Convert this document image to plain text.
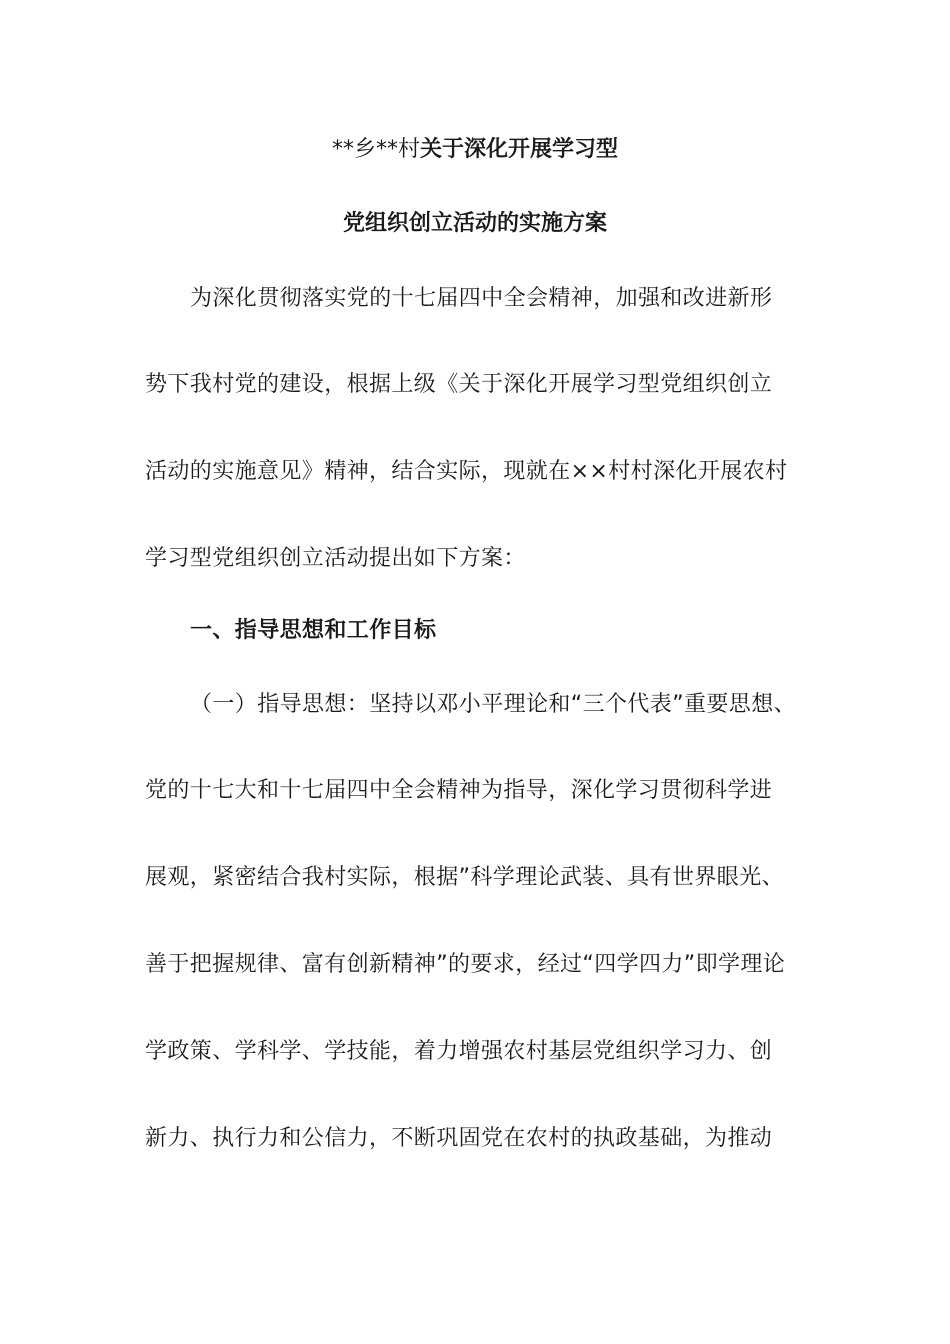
**乡**村关于深化开展学习型
党组织创立活动的实施方案
为深化贯彻落实党的十七届四中全会精神，加强和改进新形
势下我村党的建设，根据上级《关于深化开展学习型党组织创立
活动的实施意见》精神，结合实际，现就在××村村深化开展农村
学习型党组织创立活动提出如下方案：
一、指导思想和工作目标
（一）指导思想：坚持以邓小平理论和“三个代表”重要思想、
党的十七大和十七届四中全会精神为指导，深化学习贯彻科学进
展观，紧密结合我村实际，根据”科学理论武装、具有世界眼光、
善于把握规律、富有创新精神”的要求，经过“四学四力”即学理论
学政策、学科学、学技能，着力增强农村基层党组织学习力、创
新力、执行力和公信力，不断巩固党在农村的执政基础，为推动
